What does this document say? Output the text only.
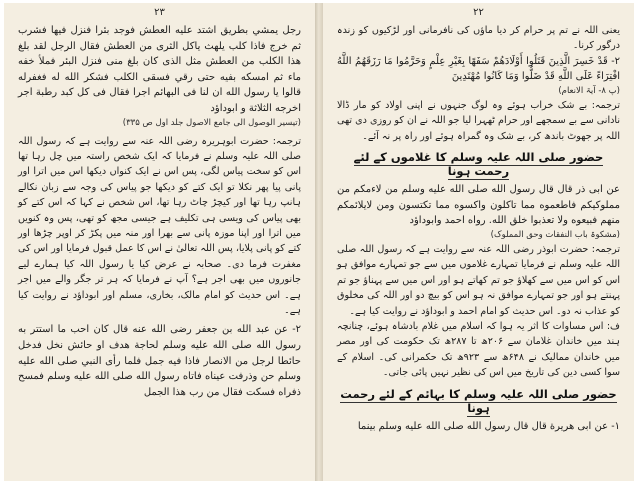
۲۳

رجل يمشي بطريق اشتد عليه العطش فوجد بئرا فنزل فيها فشرب ثم خرج فاذا كلب يلهث ياكل الثرى من العطش فقال الرجل لقد بلغ هذا الكلب من العطش مثل الذى كان بلغ منى فنزل البئر فملأ خفه ماء ثم امسكه بفيه حتى رقي فسقى الكلب فشكر الله له فغفرله قالوا يا رسول الله ان لنا فى البهائم اجرا فقال فى كل كبد رطبة اجر اخرجه الثلاثة و ابوداؤد

(تیسیر الوصول الی جامع الاصول جلد اول ص ۳۳۵)

ترجمہ: حضرت ابوہریرہ رضی اللہ عنہ سے روایت ہے کہ رسول اللہ صلی اللہ علیہ وسلم نے فرمایا کہ ایک شخص راستہ میں چل رہا تھا اس کو سخت پیاس لگی، پس اس نے ایک کنواں دیکھا اس میں اترا اور پانی پیا پھر نکلا تو ایک کتے کو دیکھا جو پیاس کی وجہ سے زبان نکالے ہانپ رہا تھا اور کیچڑ چاٹ رہا تھا، اس شخص نے کہا کہ اس کتے کو بھی پیاس کی ویسی ہی تکلیف ہے جیسی مجھ کو تھی، پس وہ کنویں میں اترا اور اپنا موزہ پانی سے بھرا اور منہ میں پکڑ کر اوپر چڑھا اور کتے کو پانی پلایا، پس اللہ تعالیٰ نے اس کا عمل قبول فرمایا اور اس کی مغفرت فرما دی۔ صحابہ نے عرض کیا یا رسول اللہ کیا ہمارے لیے جانوروں میں بھی اجر ہے؟ آپ نے فرمایا کہ ہر تر جگر والے میں اجر ہے۔ اس حدیث کو امام مالک، بخاری، مسلم اور ابوداؤد نے روایت کیا ہے۔

۲- عن عبد الله بن جعفر رضى الله عنه قال كان احب ما استتر به رسول الله صلى الله عليه وسلم لحاجة هدف او حائش نخل فدخل حائطا لرجل من الانصار فاذا فيه جمل فلما رأى النبي صلى الله عليه وسلم حن وذرفت عيناه فاتاه رسول الله صلى الله عليه وسلم فمسح ذفراه فسكت فقال من رب هذا الجمل

۲۲

یعنی اللہ نے تم پر حرام کر دیا ماؤں کی نافرمانی اور لڑکیوں کو زندہ درگور کرنا۔

٢- قَدْ خَسِرَ الَّذِينَ قَتَلُوا أَوْلَادَهُمْ سَفَهًا بِغَيْرِ عِلْمٍ وَحَرَّمُوا مَا رَزَقَهُمُ اللَّهُ افْتِرَاءً عَلَى اللَّهِ قَدْ ضَلُّوا وَمَا كَانُوا مُهْتَدِينَ

(پ ۸- آیۃ الانعام)

ترجمہ: بے شک خراب ہوئے وہ لوگ جنہوں نے اپنی اولاد کو مار ڈالا نادانی سے بے سمجھے اور حرام ٹھہرا لیا جو اللہ نے ان کو روزی دی تھی اللہ پر جھوٹ باندھ کر، بے شک وہ گمراہ ہوئے اور راہ پر نہ آئے۔

حضور صلی اللہ علیہ وسلم کا غلاموں کے لئے رحمت ہونا

عن ابى ذر قال قال رسول الله صلى الله عليه وسلم من لاءمكم من مملوكيكم فاطعموه مما تاكلون واكسوه مما تكتسون ومن لايلائمكم منهم فبيعوه ولا تعذبوا خلق الله. رواه احمد وابوداؤد

(مشکوۃ باب النفقات وحق المملوک)

ترجمہ: حضرت ابوذر رضی اللہ عنہ سے روایت ہے کہ رسول اللہ صلی اللہ علیہ وسلم نے فرمایا تمہارے غلاموں میں سے جو تمہارے موافق ہو اس کو اس میں سے کھلاؤ جو تم کھاتے ہو اور اس میں سے پہناؤ جو تم پہنتے ہو اور جو تمہارے موافق نہ ہو اس کو بیچ دو اور اللہ کی مخلوق کو عذاب نہ دو۔ اس حدیث کو امام احمد و ابوداؤد نے روایت کیا ہے۔

ف: اس مساوات کا اثر یہ ہوا کہ اسلام میں غلام بادشاہ ہوئے، چنانچہ ہند میں خاندان غلامان سے ۲۰۶ھ تا ۲۸۷ھ تک حکومت کی اور مصر میں خاندان ممالیک نے ۶۴۸ھ سے ۹۲۳ھ تک حکمرانی کی۔ اسلام کے سوا کسی دین کی تاریخ میں اس کی نظیر نہیں پائی جاتی۔

حضور صلی اللہ علیہ وسلم کا بہائم کے لئے رحمت ہونا

١- عن ابى هريرة قال قال رسول الله صلى الله عليه وسلم بينما
